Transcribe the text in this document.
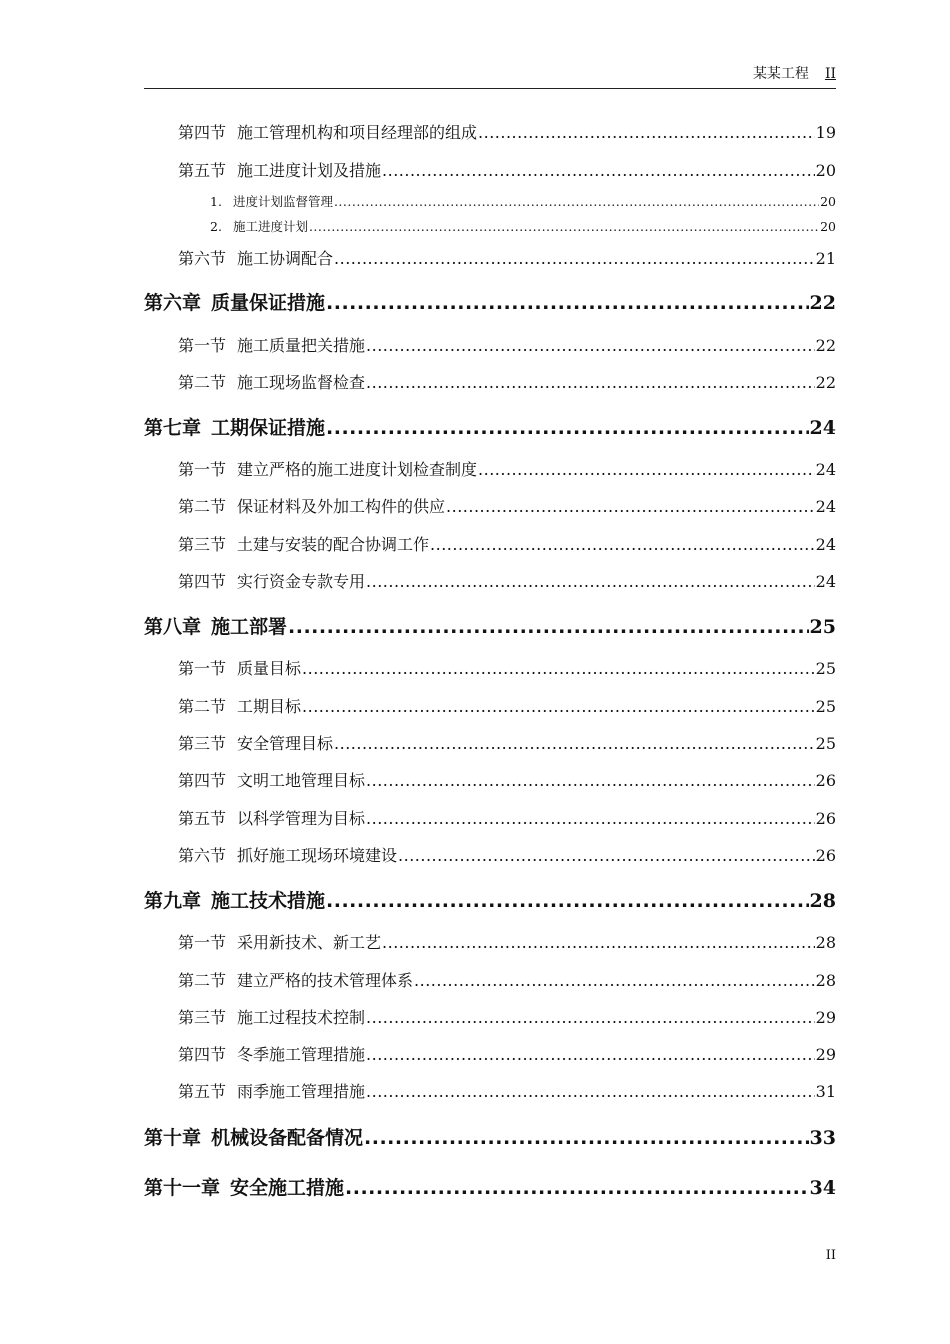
某某工程 II
第四节 施工管理机构和项目经理部的组成 .....	19
第五节 施工进度计划及措施 .....	20
1. 进度计划监督管理 .....	20
2. 施工进度计划 .....	20
第六节 施工协调配合 .....	21
第六章 质量保证措施 .....	22
第一节 施工质量把关措施 .....	22
第二节 施工现场监督检查 .....	22
第七章 工期保证措施 .....	24
第一节 建立严格的施工进度计划检查制度 .....	24
第二节 保证材料及外加工构件的供应 .....	24
第三节 土建与安装的配合协调工作 .....	24
第四节 实行资金专款专用 .....	24
第八章 施工部署 .....	25
第一节 质量目标 .....	25
第二节 工期目标 .....	25
第三节 安全管理目标 .....	25
第四节 文明工地管理目标 .....	26
第五节 以科学管理为目标 .....	26
第六节 抓好施工现场环境建设 .....	26
第九章 施工技术措施 .....	28
第一节 采用新技术、新工艺 .....	28
第二节 建立严格的技术管理体系 .....	28
第三节 施工过程技术控制 .....	29
第四节 冬季施工管理措施 .....	29
第五节 雨季施工管理措施 .....	31
第十章 机械设备配备情况 .....	33
第十一章 安全施工措施 .....	34
II
